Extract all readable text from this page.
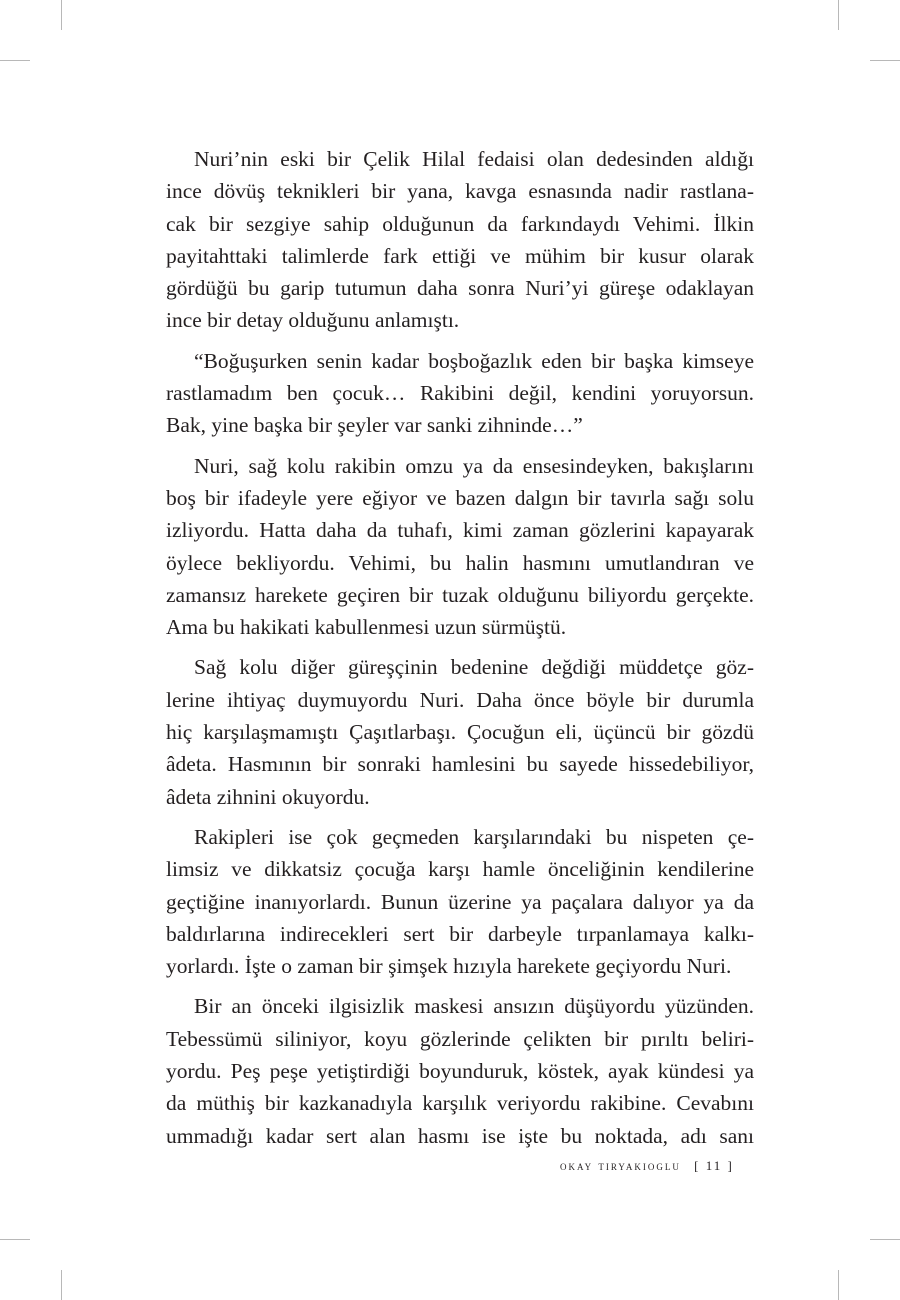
Nuri’nin eski bir Çelik Hilal fedaisi olan dedesinden aldığı
ince dövüş teknikleri bir yana, kavga esnasında nadir rastlana-
cak bir sezgiye sahip olduğunun da farkındaydı Vehimi. İlkin
payitahttaki talimlerde fark ettiği ve mühim bir kusur olarak
gördüğü bu garip tutumun daha sonra Nuri’yi güreşe odaklayan
ince bir detay olduğunu anlamıştı.

“Boğuşurken senin kadar boşboğazlık eden bir başka kimseye
rastlamadım ben çocuk… Rakibini değil, kendini yoruyorsun.
Bak, yine başka bir şeyler var sanki zihninde…”

Nuri, sağ kolu rakibin omzu ya da ensesindeyken, bakışlarını
boş bir ifadeyle yere eğiyor ve bazen dalgın bir tavırla sağı solu
izliyordu. Hatta daha da tuhafı, kimi zaman gözlerini kapayarak
öylece bekliyordu. Vehimi, bu halin hasmını umutlandıran ve
zamansız harekete geçiren bir tuzak olduğunu biliyordu gerçekte.
Ama bu hakikati kabullenmesi uzun sürmüştü.

Sağ kolu diğer güreşçinin bedenine değdiği müddetçe göz-
lerine ihtiyaç duymuyordu Nuri. Daha önce böyle bir durumla
hiç karşılaşmamıştı Çaşıtlarbaşı. Çocuğun eli, üçüncü bir gözdü
âdeta. Hasmının bir sonraki hamlesini bu sayede hissedebiliyor,
âdeta zihnini okuyordu.

Rakipleri ise çok geçmeden karşılarındaki bu nispeten çe-
limsiz ve dikkatsiz çocuğa karşı hamle önceliğinin kendilerine
geçtiğine inanıyorlardı. Bunun üzerine ya paçalara dalıyor ya da
baldırlarına indirecekleri sert bir darbeyle tırpanlamaya kalkı-
yorlardı. İşte o zaman bir şimşek hızıyla harekete geçiyordu Nuri.

Bir an önceki ilgisizlik maskesi ansızın düşüyordu yüzünden.
Tebessümü siliniyor, koyu gözlerinde çelikten bir pırıltı beliri-
yordu. Peş peşe yetiştirdiği boyunduruk, köstek, ayak kündesi ya
da müthiş bir kazkanadıyla karşılık veriyordu rakibine. Cevabını
ummadığı kadar sert alan hasmı ise işte bu noktada, adı sanı

okay tiryakioglu [ 11 ]
